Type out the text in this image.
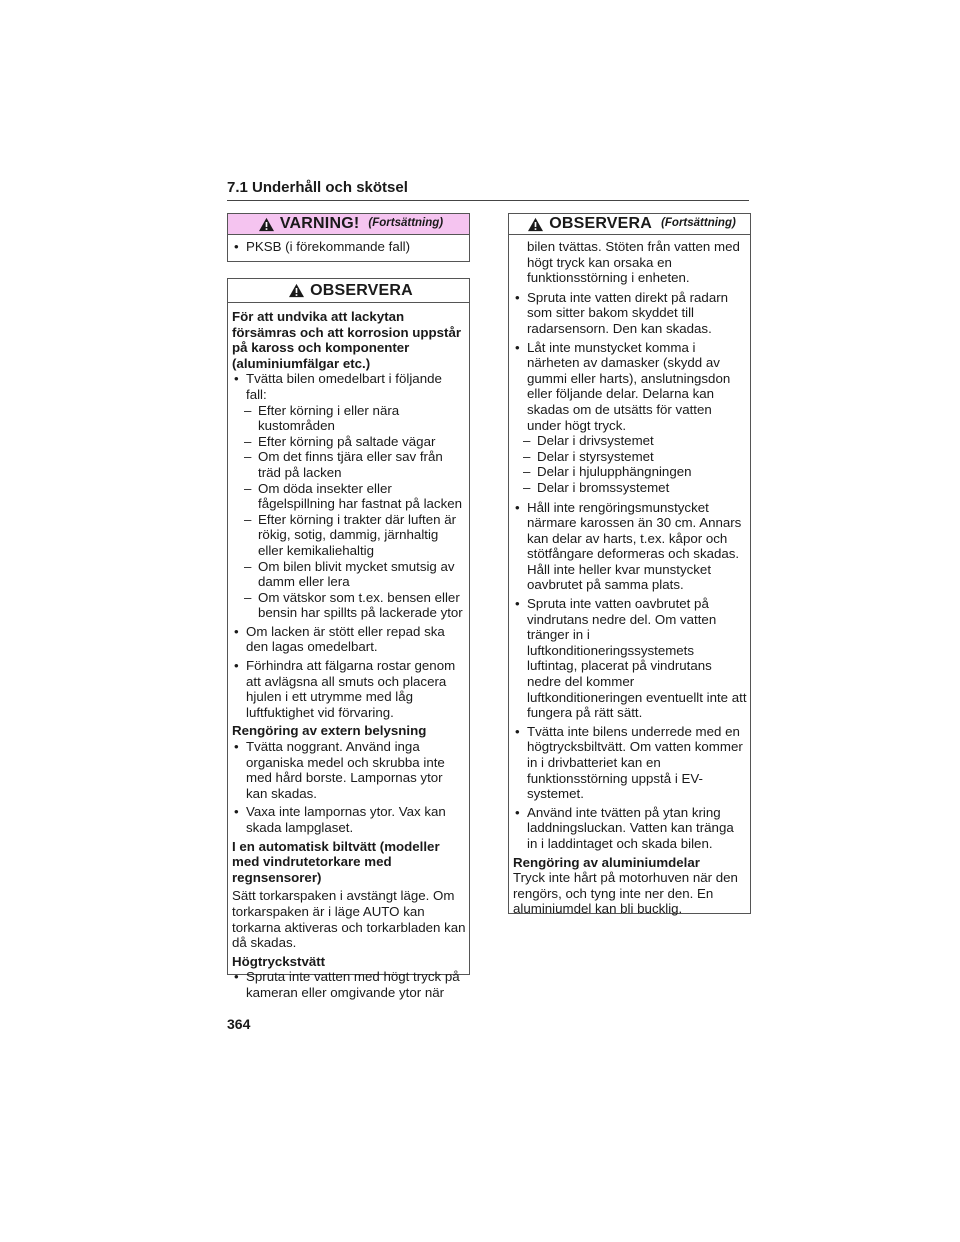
7.1 Underhåll och skötsel
VARNING! (Fortsättning)
• PKSB (i förekommande fall)
OBSERVERA

För att undvika att lackytan försämras och att korrosion uppstår på kaross och komponenter (aluminiumfälgar etc.)

• Tvätta bilen omedelbart i följande fall:
– Efter körning i eller nära kustområden
– Efter körning på saltade vägar
– Om det finns tjära eller sav från träd på lacken
– Om döda insekter eller fågelspillning har fastnat på lacken
– Efter körning i trakter där luften är rökig, sotig, dammig, järnhaltig eller kemikaliehaltig
– Om bilen blivit mycket smutsig av damm eller lera
– Om vätskor som t.ex. bensen eller bensin har spillts på lackerade ytor
• Om lacken är stött eller repad ska den lagas omedelbart.
• Förhindra att fälgarna rostar genom att avlägsna all smuts och placera hjulen i ett utrymme med låg luftfuktighet vid förvaring.

Rengöring av extern belysning

• Tvätta noggrant. Använd inga organiska medel och skrubba inte med hård borste. Lampornas ytor kan skadas.
• Vaxa inte lampornas ytor. Vax kan skada lampglaset.

I en automatisk biltvätt (modeller med vindrutetorkare med regnsensorer)

Sätt torkarspaken i avstängt läge. Om torkarspaken är i läge AUTO kan torkarna aktiveras och torkarbladen kan då skadas.

Högtryckstvätt

• Spruta inte vatten med högt tryck på kameran eller omgivande ytor när
OBSERVERA (Fortsättning)

bilen tvättas. Stöten från vatten med högt tryck kan orsaka en funktionsstörning i enheten.

• Spruta inte vatten direkt på radarn som sitter bakom skyddet till radarsensorn. Den kan skadas.
• Låt inte munstycket komma i närheten av damasker (skydd av gummi eller harts), anslutningsdon eller följande delar. Delarna kan skadas om de utsätts för vatten under högt tryck.
– Delar i drivsystemet
– Delar i styrsystemet
– Delar i hjulupphängningen
– Delar i bromssystemet
• Håll inte rengöringsmunstycket närmare karossen än 30 cm. Annars kan delar av harts, t.ex. kåpor och stötfångare deformeras och skadas. Håll inte heller kvar munstycket oavbrutet på samma plats.
• Spruta inte vatten oavbrutet på vindrutans nedre del. Om vatten tränger in i luftkonditioneringssystemets luftintag, placerat på vindrutans nedre del kommer luftkonditioneringen eventuellt inte att fungera på rätt sätt.
• Tvätta inte bilens underrede med en högtrycksbiltvätt. Om vatten kommer in i drivbatteriet kan en funktionsstörning uppstå i EV-systemet.
• Använd inte tvätten på ytan kring laddningsluckan. Vatten kan tränga in i laddintaget och skada bilen.

Rengöring av aluminiumdelar

Tryck inte hårt på motorhuven när den rengörs, och tyng inte ner den. En aluminiumdel kan bli bucklig.

364
